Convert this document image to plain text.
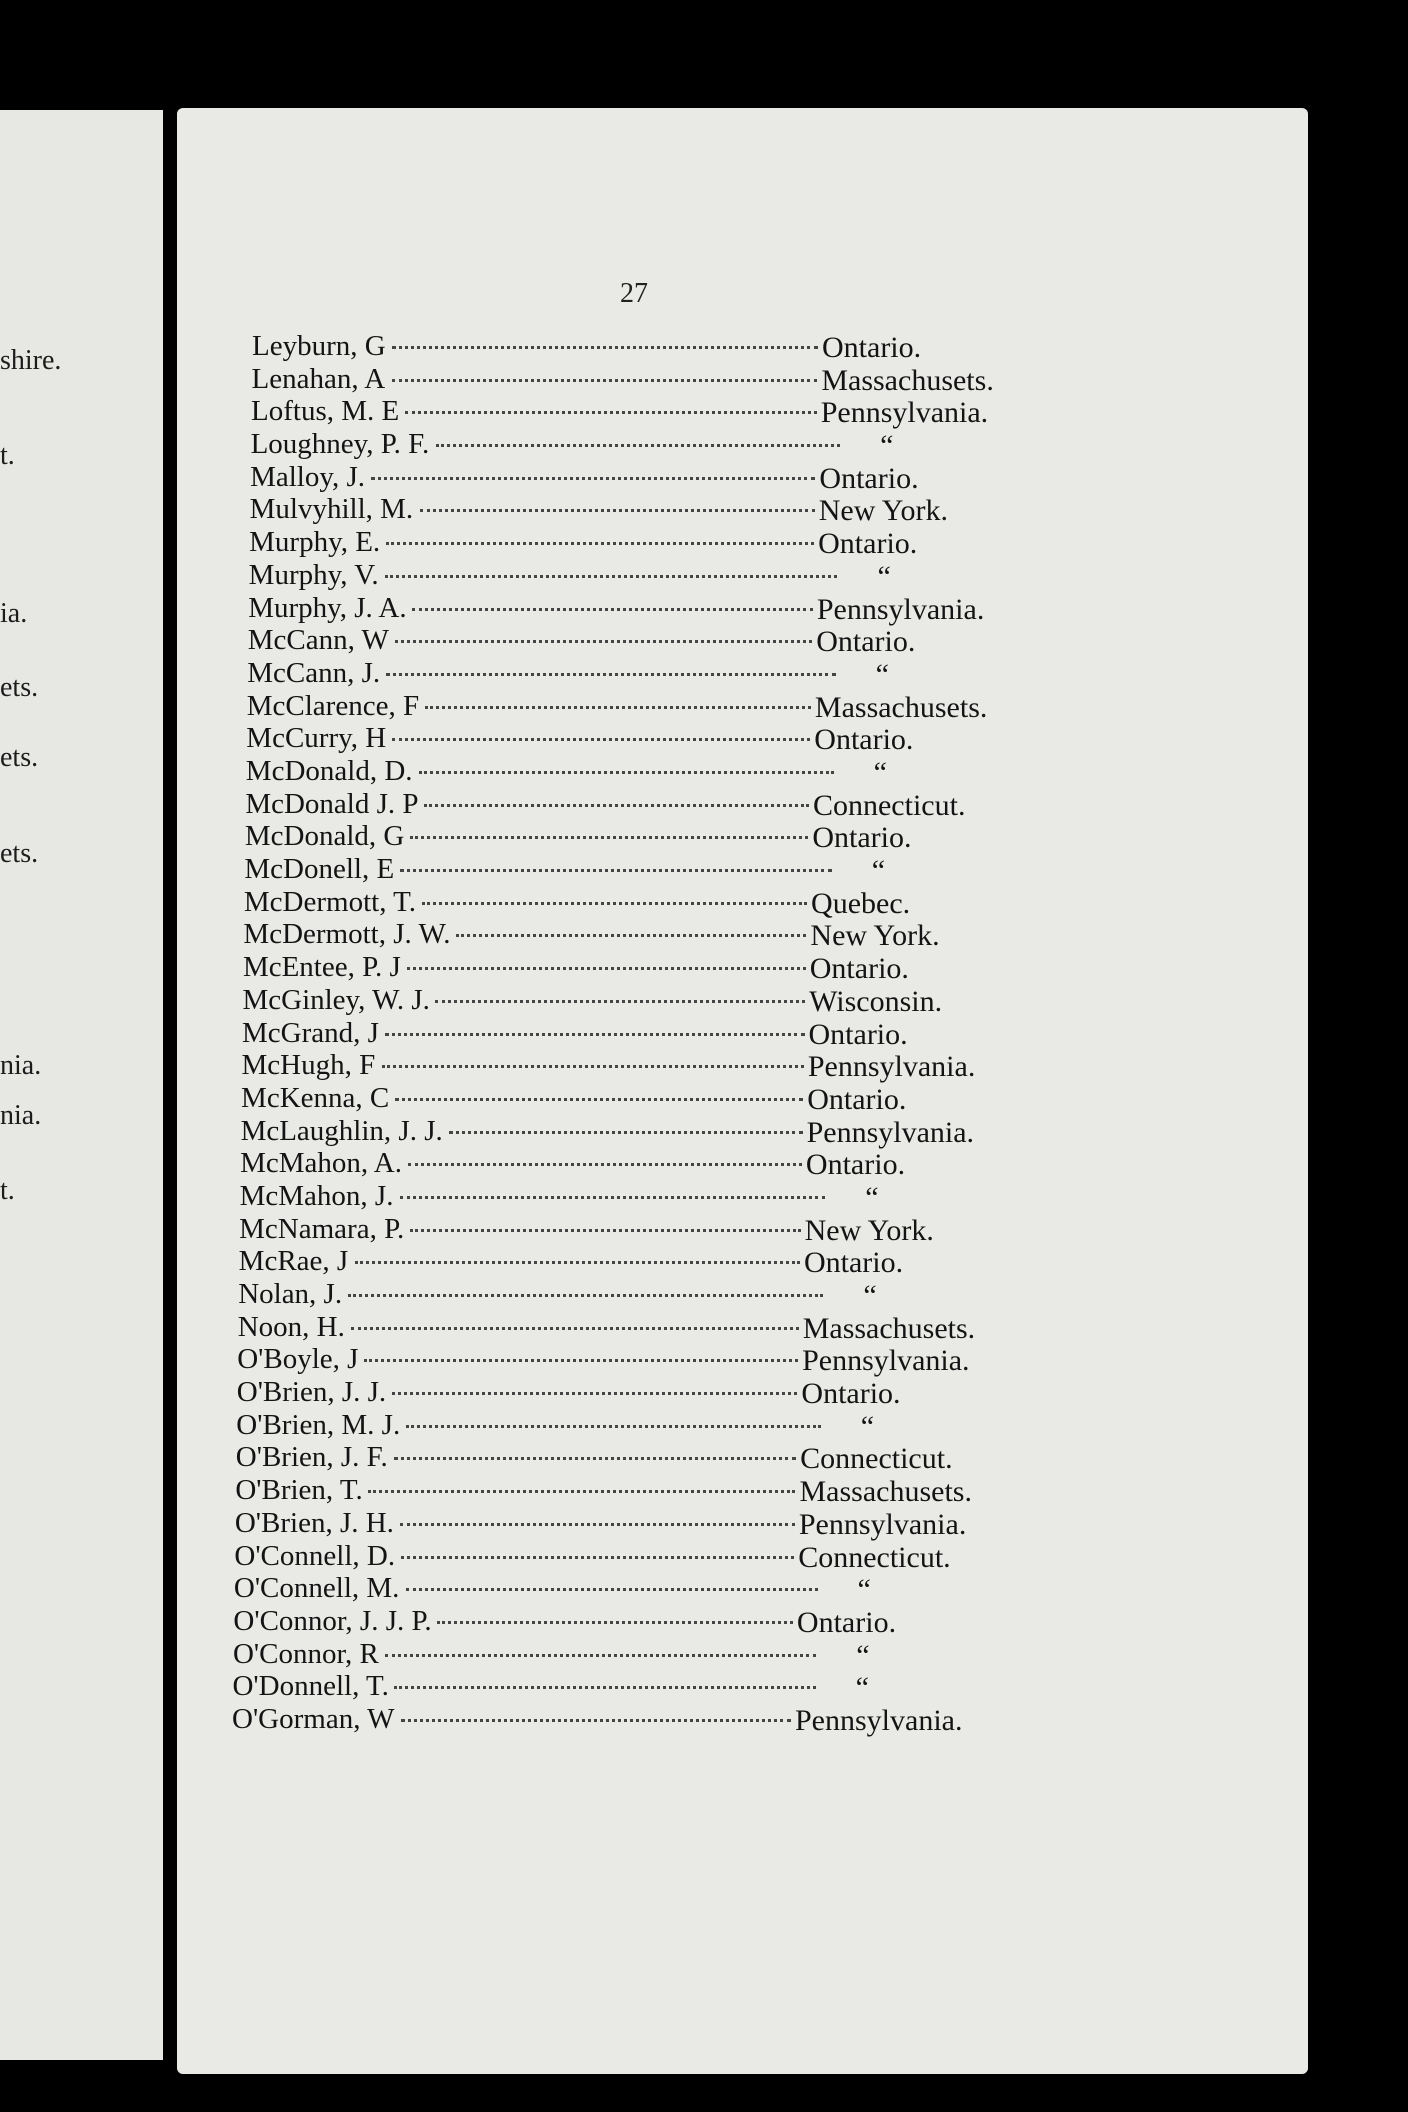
shire.
t.
ia.
ets.
ets.
ets.
nia.
nia.
t.
27
Leyburn, G	Ontario.
Lenahan, A	Massachusets.
Loftus, M. E	Pennsylvania.
Loughney, P. F.	“
Malloy, J.	Ontario.
Mulvyhill, M.	New York.
Murphy, E.	Ontario.
Murphy, V.	“
Murphy, J. A.	Pennsylvania.
McCann, W	Ontario.
McCann, J.	“
McClarence, F	Massachusets.
McCurry, H	Ontario.
McDonald, D.	“
McDonald J. P	Connecticut.
McDonald, G	Ontario.
McDonell, E	“
McDermott, T.	Quebec.
McDermott, J. W.	New York.
McEntee, P. J	Ontario.
McGinley, W. J.	Wisconsin.
McGrand, J	Ontario.
McHugh, F	Pennsylvania.
McKenna, C	Ontario.
McLaughlin, J. J.	Pennsylvania.
McMahon, A.	Ontario.
McMahon, J.	“
McNamara, P.	New York.
McRae, J	Ontario.
Nolan, J.	“
Noon, H.	Massachusets.
O'Boyle, J	Pennsylvania.
O'Brien, J. J.	Ontario.
O'Brien, M. J.	“
O'Brien, J. F.	Connecticut.
O'Brien, T.	Massachusets.
O'Brien, J. H.	Pennsylvania.
O'Connell, D.	Connecticut.
O'Connell, M.	“
O'Connor, J. J. P.	Ontario.
O'Connor, R	“
O'Donnell, T.	“
O'Gorman, W	Pennsylvania.
